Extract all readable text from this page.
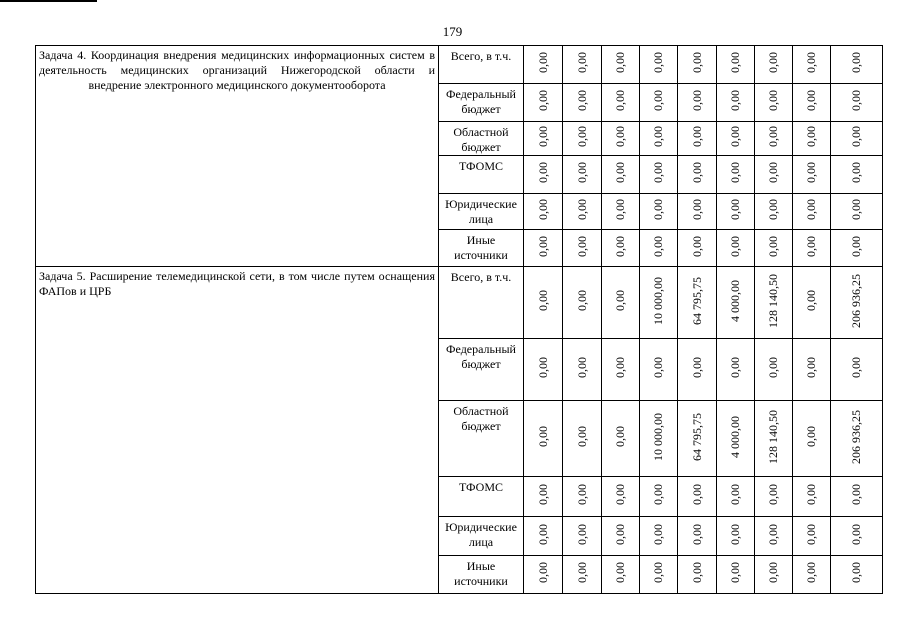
179
Задача 4. Координация внедрения медицинских информационных систем в деятельность медицинских организаций Нижегородской области и внедрение электронного медицинского документооборота	Всего, в т.ч.	0,00	0,00	0,00	0,00	0,00	0,00	0,00	0,00	0,00
	Федеральный бюджет	0,00	0,00	0,00	0,00	0,00	0,00	0,00	0,00	0,00
	Областной бюджет	0,00	0,00	0,00	0,00	0,00	0,00	0,00	0,00	0,00
	ТФОМС	0,00	0,00	0,00	0,00	0,00	0,00	0,00	0,00	0,00
	Юридические лица	0,00	0,00	0,00	0,00	0,00	0,00	0,00	0,00	0,00
	Иные источники	0,00	0,00	0,00	0,00	0,00	0,00	0,00	0,00	0,00
Задача 5. Расширение телемедицинской сети, в том числе путем оснащения ФАПов и ЦРБ	Всего, в т.ч.	0,00	0,00	0,00	10 000,00	64 795,75	4 000,00	128 140,50	0,00	206 936,25
	Федеральный бюджет	0,00	0,00	0,00	0,00	0,00	0,00	0,00	0,00	0,00
	Областной бюджет	0,00	0,00	0,00	10 000,00	64 795,75	4 000,00	128 140,50	0,00	206 936,25
	ТФОМС	0,00	0,00	0,00	0,00	0,00	0,00	0,00	0,00	0,00
	Юридические лица	0,00	0,00	0,00	0,00	0,00	0,00	0,00	0,00	0,00
	Иные источники	0,00	0,00	0,00	0,00	0,00	0,00	0,00	0,00	0,00
